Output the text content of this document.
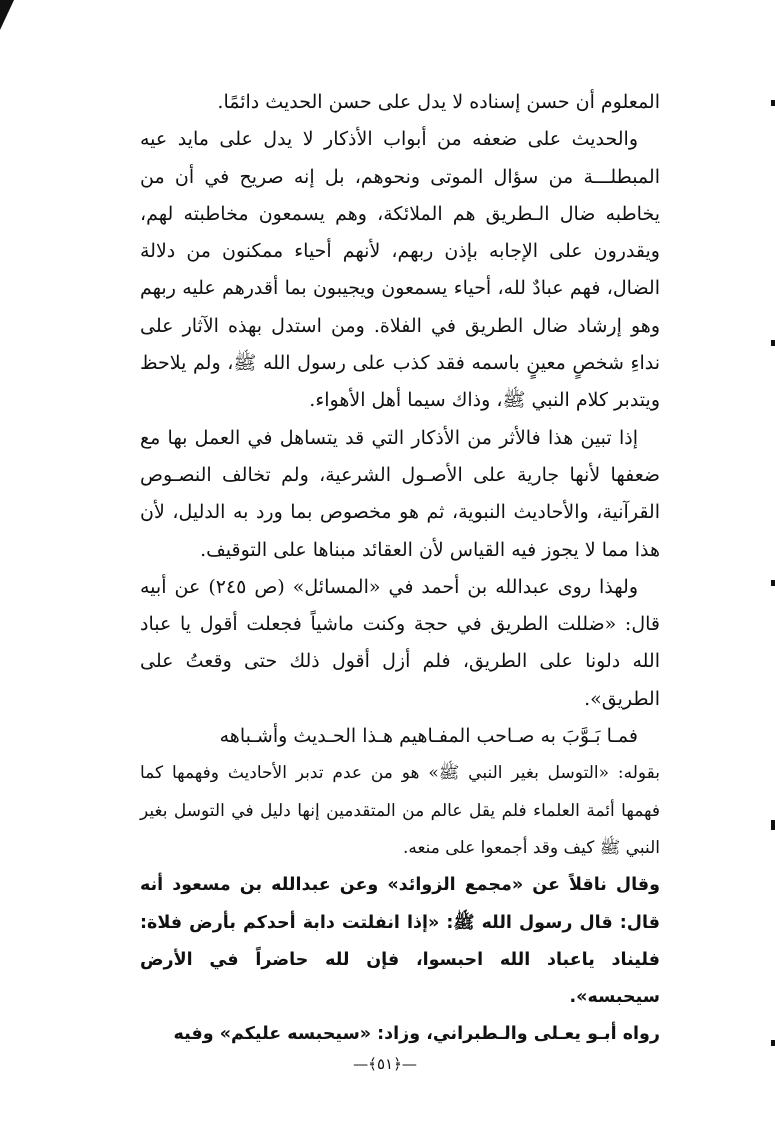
المعلوم أن حسن إسناده لا يدل على حسن الحديث دائمًا.

والحديث على ضعفه من أبواب الأذكار لا يدل على مايد عيه المبطلـــة من سؤال الموتى ونحوهم، بل إنه صريح في أن من يخاطبه ضال الـطريق هم الملائكة، وهم يسمعون مخاطبته لهم، ويقدرون على الإجابه بإذن ربهم، لأنهم أحياء ممكنون من دلالة الضال، فهم عبادٌ لله، أحياء يسمعون ويجيبون بما أقدرهم عليه ربهم وهو إرشاد ضال الطريق في الفلاة. ومن استدل بهذه الآثار على نداءِ شخصٍ معينٍ باسمه فقد كذب على رسول الله ﷺ، ولم يلاحظ ويتدبر كلام النبي ﷺ، وذاك سيما أهل الأهواء.

إذا تبين هذا فالأثر من الأذكار التي قد يتساهل في العمل بها مع ضعفها لأنها جارية على الأصـول الشرعية، ولم تخالف النصـوص القرآنية، والأحاديث النبوية، ثم هو مخصوص بما ورد به الدليل، لأن هذا مما لا يجوز فيه القياس لأن العقائد مبناها على التوقيف.

ولهذا روى عبدالله بن أحمد في «المسائل» (ص ٢٤٥) عن أبيه قال: «ضللت الطريق في حجة وكنت ماشياً فجعلت أقول يا عباد الله دلونا على الطريق، فلم أزل أقول ذلك حتى وقعتُ على الطريق».

فمـا بَـوَّبَ به صـاحب المفـاهيم هـذا الحـديث وأشـباهه

بقوله: «التوسل بغير النبي ﷺ» هو من عدم تدبر الأحاديث وفهمها كما فهمها أئمة العلماء فلم يقل عالم من المتقدمين إنها دليل في التوسل بغير النبي ﷺ كيف وقد أجمعوا على منعه.

وقال ناقلاً عن «مجمع الزوائد» وعن عبدالله بن مسعود أنه قال: قال رسول الله ﷺ: «إذا انفلتت دابة أحدكم بأرض فلاة: فليناد ياعباد الله احبسوا، فإن لله حاضراً في الأرض سيحبسه».

رواه أبـو يعـلى والـطبراني، وزاد: «سيحبسه عليكم» وفيه

—﴿٥١﴾—
